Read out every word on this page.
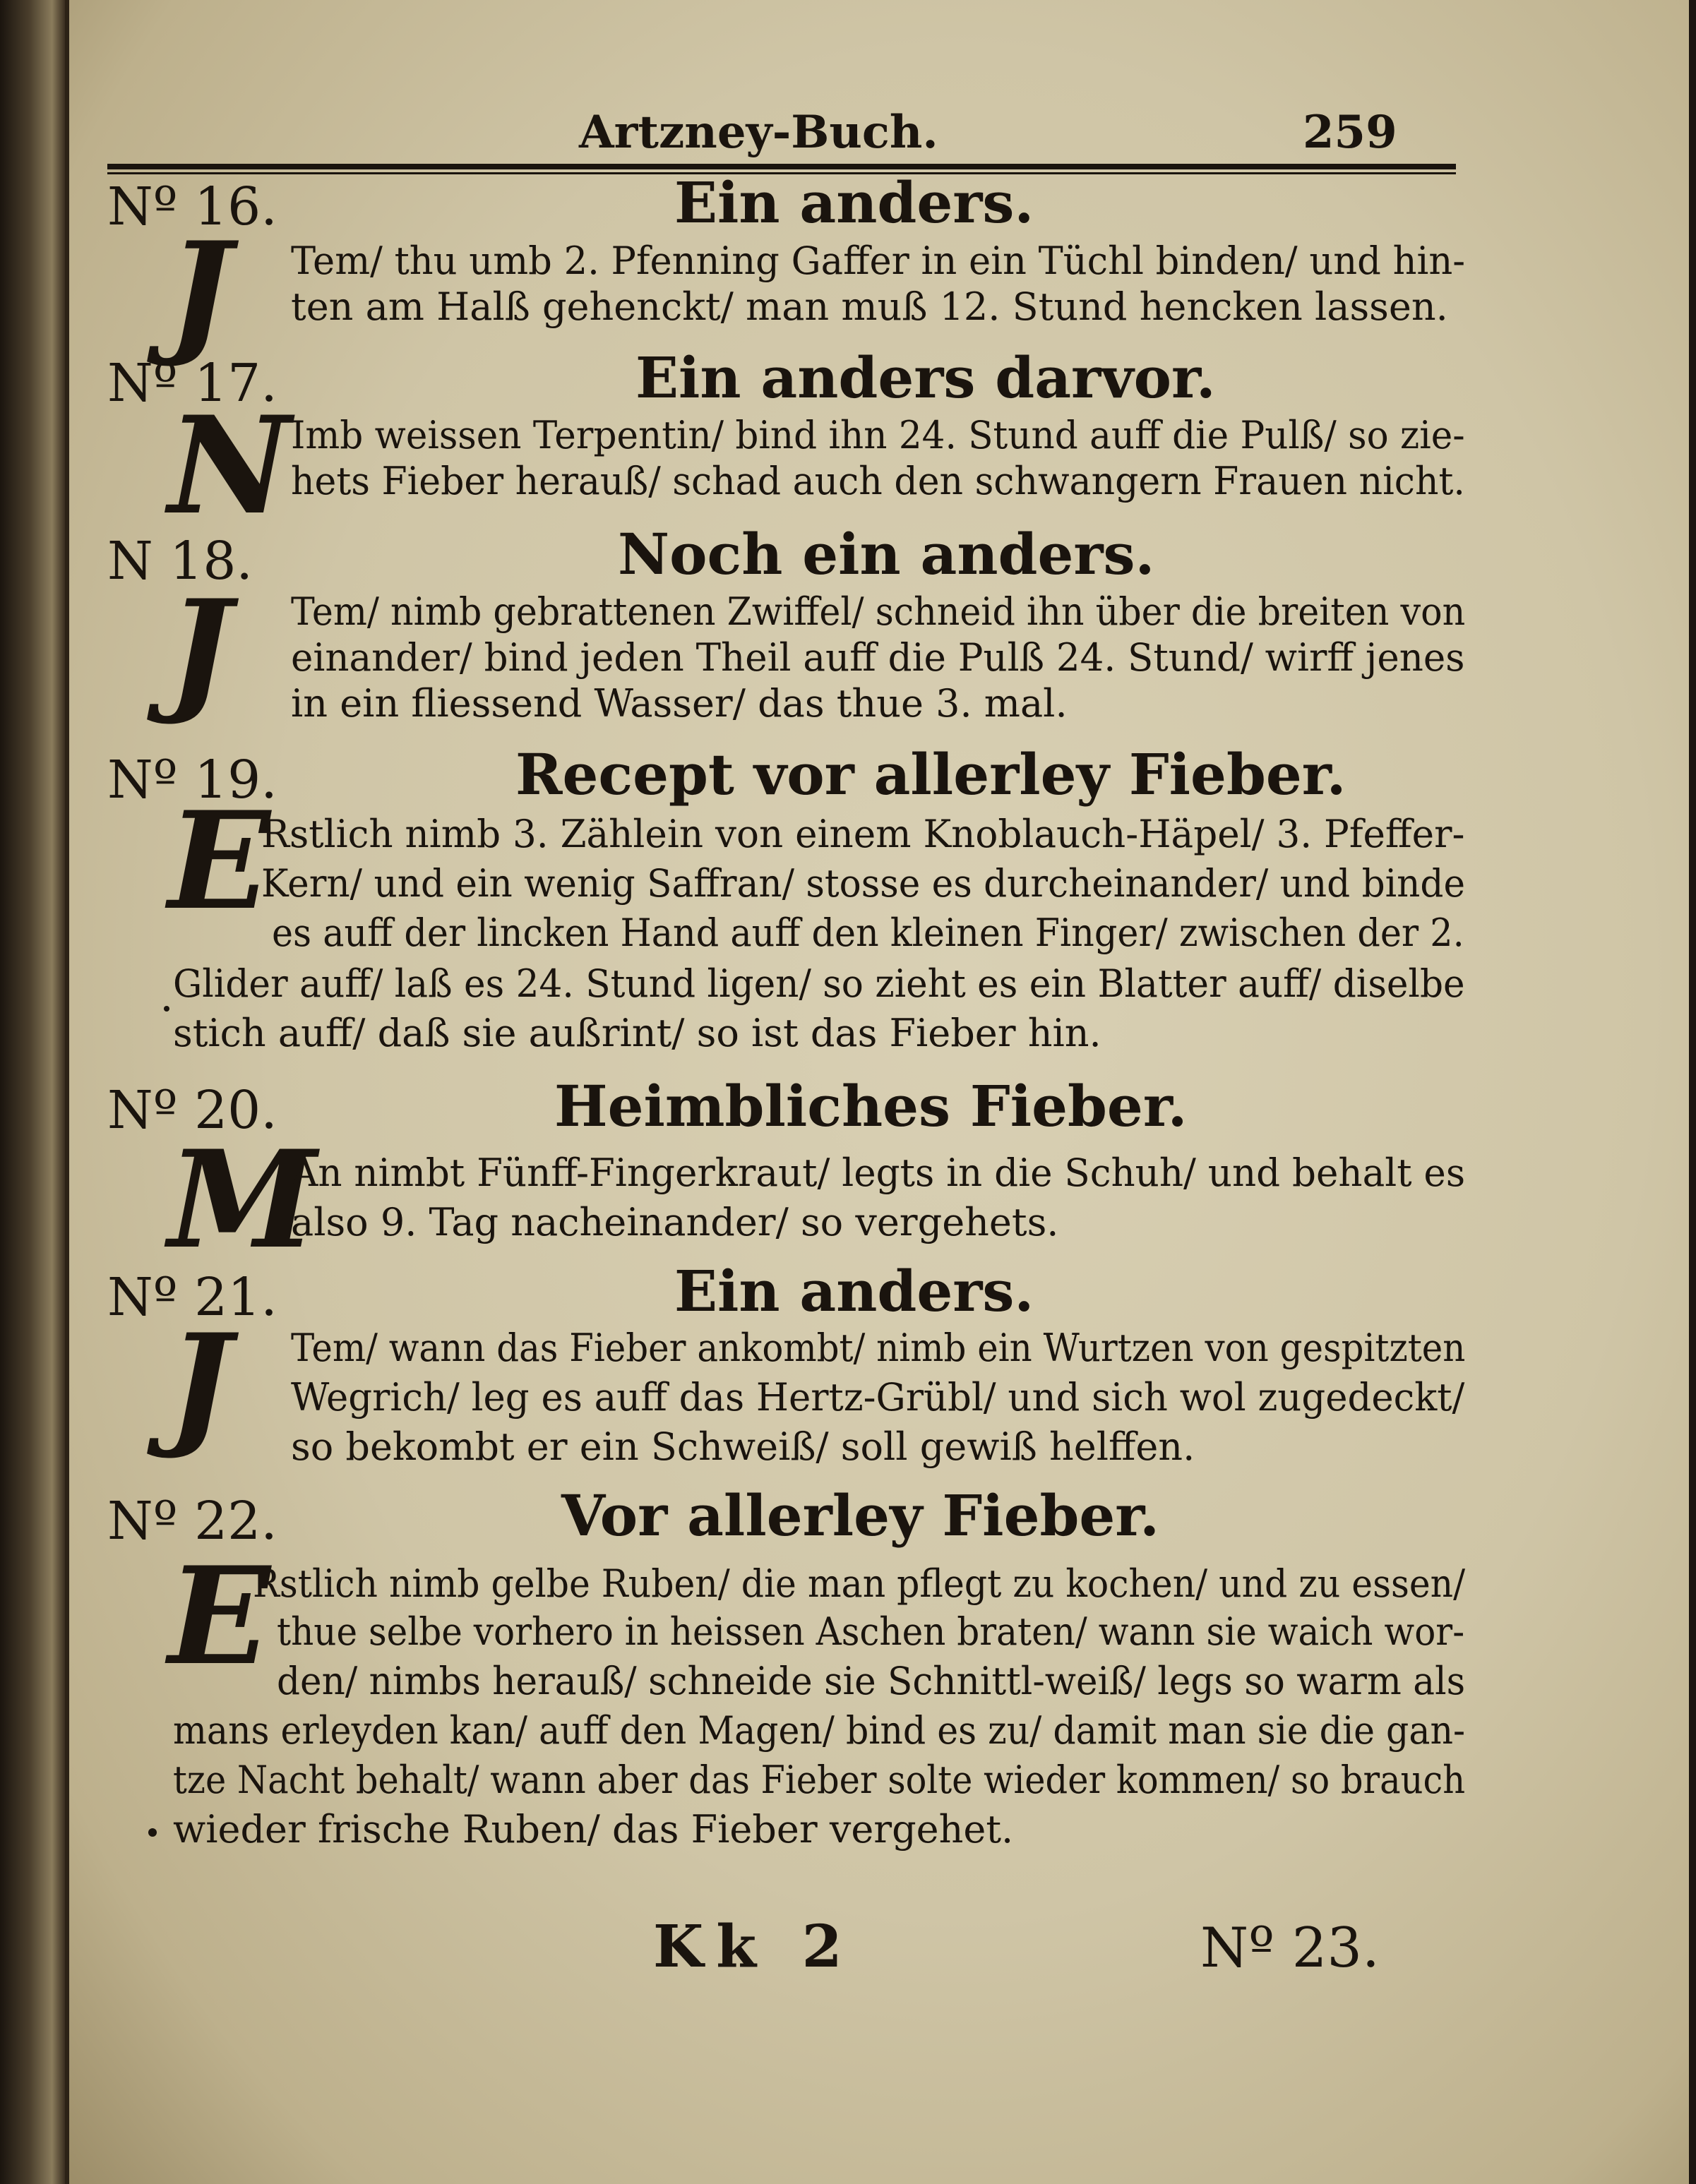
Artzney-Buch.	259
Nº 16.	Ein anders.
J Tem/ thu umb 2. Pfenning Gaffer in ein Tüchl binden/ und hin-
ten am Halß gehenckt/ man muß 12. Stund hencken lassen.
Nº 17.	Ein anders darvor.
N Imb weissen Terpentin/ bind ihn 24. Stund auff die Pulß/ so zie-
hets Fieber herauß/ schad auch den schwangern Frauen nicht.
N 18.	Noch ein anders.
J Tem/ nimb gebrattenen Zwiffel/ schneid ihn über die breiten von
einander/ bind jeden Theil auff die Pulß 24. Stund/ wirff jenes
in ein fliessend Wasser/ das thue 3. mal.
Nº 19.	Recept vor allerley Fieber.
E
Rstlich nimb 3. Zählein von einem Knoblauch-Häpel/ 3. Pfeffer-
Kern/ und ein wenig Saffran/ stosse es durcheinander/ und binde
es auff der lincken Hand auff den kleinen Finger/ zwischen der 2.
Glider auff/ laß es 24. Stund ligen/ so zieht es ein Blatter auff/ diselbe
stich auff/ daß sie außrint/ so ist das Fieber hin.
Nº 20.	Heimbliches Fieber.
M
An nimbt Fünff-Fingerkraut/ legts in die Schuh/ und behalt es
also 9. Tag nacheinander/ so vergehets.
Nº 21.	Ein anders.
J Tem/ wann das Fieber ankombt/ nimb ein Wurtzen von gespitzten
Wegrich/ leg es auff das Hertz-Grübl/ und sich wol zugedeckt/
so bekombt er ein Schweiß/ soll gewiß helffen.
Nº 22.	Vor allerley Fieber.
E
Rstlich nimb gelbe Ruben/ die man pflegt zu kochen/ und zu essen/
thue selbe vorhero in heissen Aschen braten/ wann sie waich wor-
den/ nimbs herauß/ schneide sie Schnittl-weiß/ legs so warm als
mans erleyden kan/ auff den Magen/ bind es zu/ damit man sie die gan-
tze Nacht behalt/ wann aber das Fieber solte wieder kommen/ so brauch
wieder frische Ruben/ das Fieber vergehet.
Kk 2	Nº 23.
